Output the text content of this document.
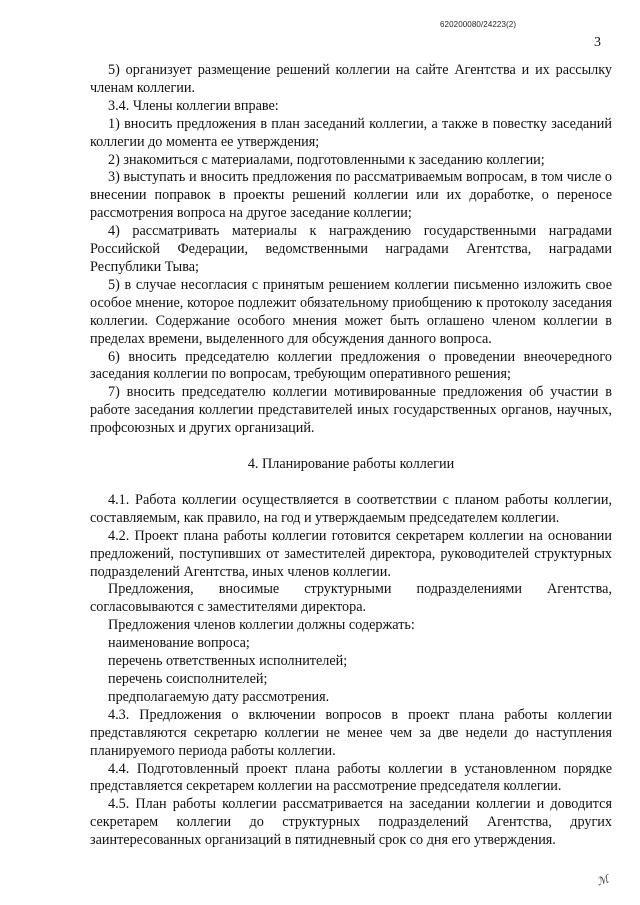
620200080/24223(2)
3

5) организует размещение решений коллегии на сайте Агентства и их рассылку членам коллегии.

3.4. Члены коллегии вправе:

1) вносить предложения в план заседаний коллегии, а также в повестку заседаний коллегии до момента ее утверждения;

2) знакомиться с материалами, подготовленными к заседанию коллегии;

3) выступать и вносить предложения по рассматриваемым вопросам, в том числе о внесении поправок в проекты решений коллегии или их доработке, о переносе рассмотрения вопроса на другое заседание коллегии;

4) рассматривать материалы к награждению государственными наградами Российской Федерации, ведомственными наградами Агентства, наградами Республики Тыва;

5) в случае несогласия с принятым решением коллегии письменно изложить свое особое мнение, которое подлежит обязательному приобщению к протоколу заседания коллегии. Содержание особого мнения может быть оглашено членом коллегии в пределах времени, выделенного для обсуждения данного вопроса.

6) вносить председателю коллегии предложения о проведении внеочередного заседания коллегии по вопросам, требующим оперативного решения;

7) вносить председателю коллегии мотивированные предложения об участии в работе заседания коллегии представителей иных государственных органов, научных, профсоюзных и других организаций.

4. Планирование работы коллегии

4.1. Работа коллегии осуществляется в соответствии с планом работы коллегии, составляемым, как правило, на год и утверждаемым председателем коллегии.

4.2. Проект плана работы коллегии готовится секретарем коллегии на основании предложений, поступивших от заместителей директора, руководителей структурных подразделений Агентства, иных членов коллегии.

Предложения, вносимые структурными подразделениями Агентства, согласовываются с заместителями директора.

Предложения членов коллегии должны содержать:

наименование вопроса;

перечень ответственных исполнителей;

перечень соисполнителей;

предполагаемую дату рассмотрения.

4.3. Предложения о включении вопросов в проект плана работы коллегии представляются секретарю коллегии не менее чем за две недели до наступления планируемого периода работы коллегии.

4.4. Подготовленный проект плана работы коллегии в установленном порядке представляется секретарем коллегии на рассмотрение председателя коллегии.

4.5. План работы коллегии рассматривается на заседании коллегии и доводится секретарем коллегии до структурных подразделений Агентства, других заинтересованных организаций в пятидневный срок со дня его утверждения.

ℳ
